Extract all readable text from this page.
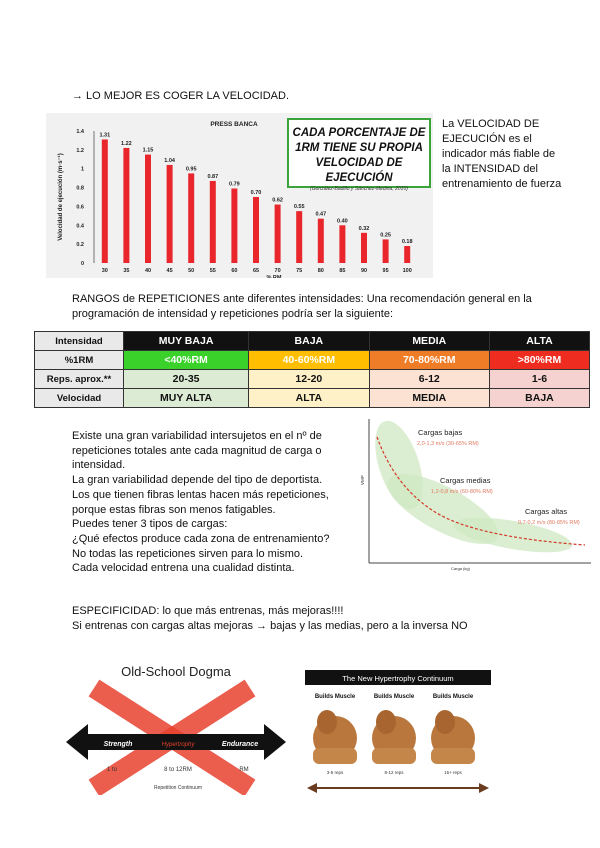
→ LO MEJOR ES COGER LA VELOCIDAD.
0
0.2
0.4
0.6
0.8
1
1.2
1.4
Velocidad de ejecución (m·s⁻¹)
PRESS BANCA
1.31
30
1.22
35
1.15
40
1.04
45
0.95
50
0.87
55
0.79
60
0.70
65
0.62
70
0.55
75
0.47
80
0.40
85
0.32
90
0.25
95
0.18
100
% RM
CADA PORCENTAJE DE
1RM TIENE SU PROPIA
VELOCIDAD DE EJECUCIÓN
(González-Badillo y Sánchez-Medina, 2010)
La VELOCIDAD DE
EJECUCIÓN es el
indicador más fiable de
la INTENSIDAD del
entrenamiento de fuerza
RANGOS de REPETICIONES ante diferentes intensidades: Una recomendación general en la
programación de intensidad y repeticiones podría ser la siguiente:
Intensidad	MUY BAJA	BAJA	MEDIA	ALTA
%1RM	<40%RM	40-60%RM	70-80%RM	>80%RM
Reps. aprox.**	20-35	12-20	6-12	1-6
Velocidad	MUY ALTA	ALTA	MEDIA	BAJA
Existe una gran variabilidad intersujetos en el nº de
repeticiones totales ante cada magnitud de carga o
intensidad.
La gran variabilidad depende del tipo de deportista.
Los que tienen fibras lentas hacen más repeticiones,
porque estas fibras son menos fatigables.
Puedes tener 3 tipos de cargas:
¿Qué efectos produce cada zona de entrenamiento?
No todas las repeticiones sirven para lo mismo.
Cada velocidad entrena una cualidad distinta.
VMP
Carga (kg)
Cargas bajas
2,0-1,3 m/s (30-65% RM)
Cargas medias
1,2-0,8 m/s (60-80% RM)
Cargas altas
0,7-0,2 m/s (80-85% RM)
ESPECIFICIDAD: lo que más entrenas, más mejoras!!!!
Si entrenas con cargas altas mejoras → bajas y las medias, pero a la inversa NO
Old-School Dogma
Strength	Hypertrophy	Endurance
1 to	8 to 12RM	RM
Repetition Continuum
The New Hypertrophy Continuum
Builds Muscle	Builds Muscle	Builds Muscle
3-5 reps	8-12 reps	15+ reps
